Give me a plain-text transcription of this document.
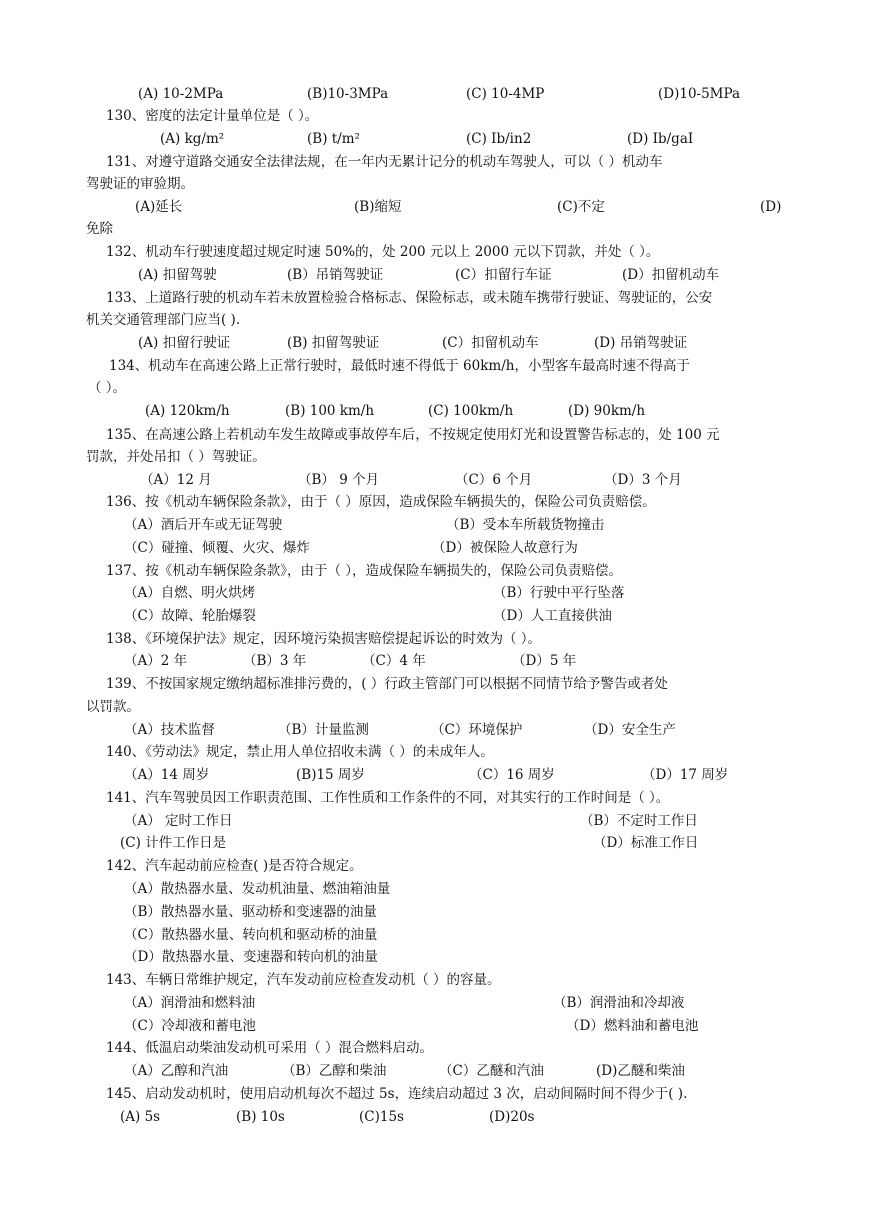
(A) 10-2MPa	(B)10-3MPa	(C) 10-4MP	(D)10-5MPa
130、密度的法定计量单位是（ ）。
(A) kg/m²	(B) t/m²	(C) Ib/in2	(D) Ib/gaI
131、对遵守道路交通安全法律法规，在一年内无累计记分的机动车驾驶人，可以（ ）机动车
驾驶证的审验期。
(A)延长	(B)缩短	(C)不定	(D)
免除
132、机动车行驶速度超过规定时速 50%的，处 200 元以上 2000 元以下罚款，并处（ ）。
(A) 扣留驾驶	(B）吊销驾驶证	(C）扣留行车证	(D）扣留机动车
133、上道路行驶的机动车若未放置检验合格标志、保险标志，或未随车携带行驶证、驾驶证的，公安
机关交通管理部门应当( ).
(A) 扣留行驶证	(B) 扣留驾驶证	(C）扣留机动车	(D) 吊销驾驶证
134、机动车在高速公路上正常行驶时，最低时速不得低于 60km/h，小型客车最高时速不得高于
（ ）。
(A) 120km/h	(B) 100 km/h	(C) 100km/h	(D) 90km/h
135、在高速公路上若机动车发生故障或事故停车后，不按规定使用灯光和设置警告标志的，处 100 元
罚款，并处吊扣（ ）驾驶证。
（A）12 月	（B） 9 个月	（C）6 个月	（D）3 个月
136、按《机动车辆保险条款》，由于（ ）原因，造成保险车辆损失的，保险公司负责赔偿。
（A）酒后开车或无证驾驶	（B）受本车所载货物撞击
（C）碰撞、倾覆、火灾、爆炸	（D）被保险人故意行为
137、按《机动车辆保险条款》，由于（ ），造成保险车辆损失的，保险公司负责赔偿。
（A）自燃、明火烘烤	（B）行驶中平行坠落
（C）故障、轮胎爆裂	（D）人工直接供油
138、《环境保护法》规定，因环境污染损害赔偿提起诉讼的时效为（ ）。
（A）2 年	（B）3 年	（C）4 年	（D）5 年
139、不按国家规定缴纳超标准排污费的，( ）行政主管部门可以根据不同情节给予警告或者处
以罚款。
（A）技术监督	（B）计量监测	（C）环境保护	（D）安全生产
140、《劳动法》规定，禁止用人单位招收未满（ ）的未成年人。
（A）14 周岁	(B)15 周岁	（C）16 周岁	（D）17 周岁
141、汽车驾驶员因工作职责范围、工作性质和工作条件的不同，对其实行的工作时间是（ ）。
（A） 定时工作日	（B）不定时工作日
(C) 计件工作日是	（D）标准工作日
142、汽车起动前应检查( )是否符合规定。
（A）散热器水量、发动机油量、燃油箱油量
（B）散热器水量、驱动桥和变速器的油量
（C）散热器水量、转向机和驱动桥的油量
（D）散热器水量、变速器和转向机的油量
143、车辆日常维护规定，汽车发动前应检查发动机（ ）的容量。
（A）润滑油和燃料油	（B）润滑油和冷却液
（C）冷却液和蓄电池	（D）燃料油和蓄电池
144、低温启动柴油发动机可采用（ ）混合燃料启动。
（A）乙醇和汽油	（B）乙醇和柴油	（C）乙醚和汽油	(D)乙醚和柴油
145、启动发动机时，使用启动机每次不超过 5s，连续启动超过 3 次，启动间隔时间不得少于( ).
(A) 5s	(B) 10s	(C)15s	(D)20s
